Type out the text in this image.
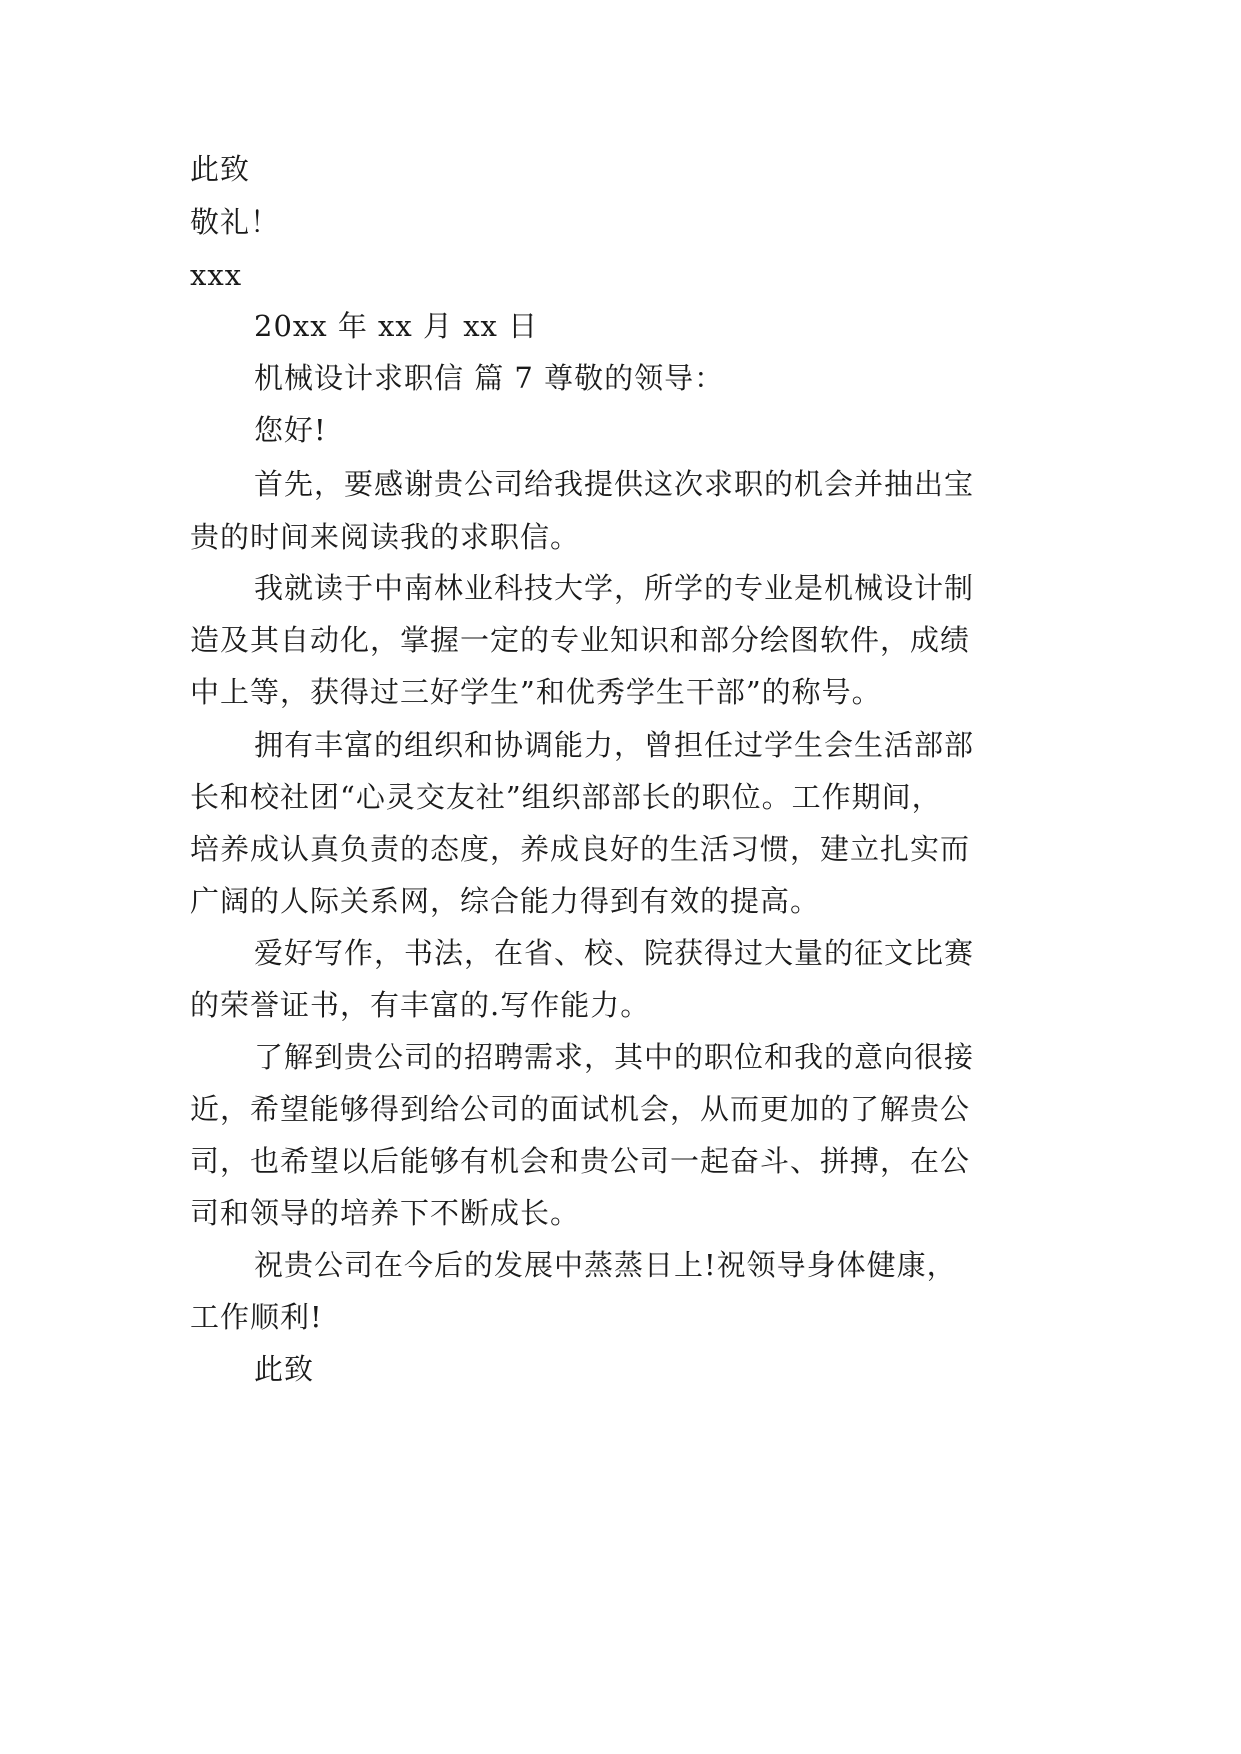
此致
敬礼！
xxx
20xx 年 xx 月 xx 日
机械设计求职信 篇 7 尊敬的领导：
您好!
首先，要感谢贵公司给我提供这次求职的机会并抽出宝
贵的时间来阅读我的求职信。
我就读于中南林业科技大学，所学的专业是机械设计制
造及其自动化，掌握一定的专业知识和部分绘图软件，成绩
中上等，获得过三好学生”和优秀学生干部”的称号。
拥有丰富的组织和协调能力，曾担任过学生会生活部部
长和校社团“心灵交友社”组织部部长的职位。工作期间，
培养成认真负责的态度，养成良好的生活习惯，建立扎实而
广阔的人际关系网，综合能力得到有效的提高。
爱好写作，书法，在省、校、院获得过大量的征文比赛
的荣誉证书，有丰富的.写作能力。
了解到贵公司的招聘需求，其中的职位和我的意向很接
近，希望能够得到给公司的面试机会，从而更加的了解贵公
司，也希望以后能够有机会和贵公司一起奋斗、拼搏，在公
司和领导的培养下不断成长。
祝贵公司在今后的发展中蒸蒸日上!祝领导身体健康，
工作顺利!
此致
